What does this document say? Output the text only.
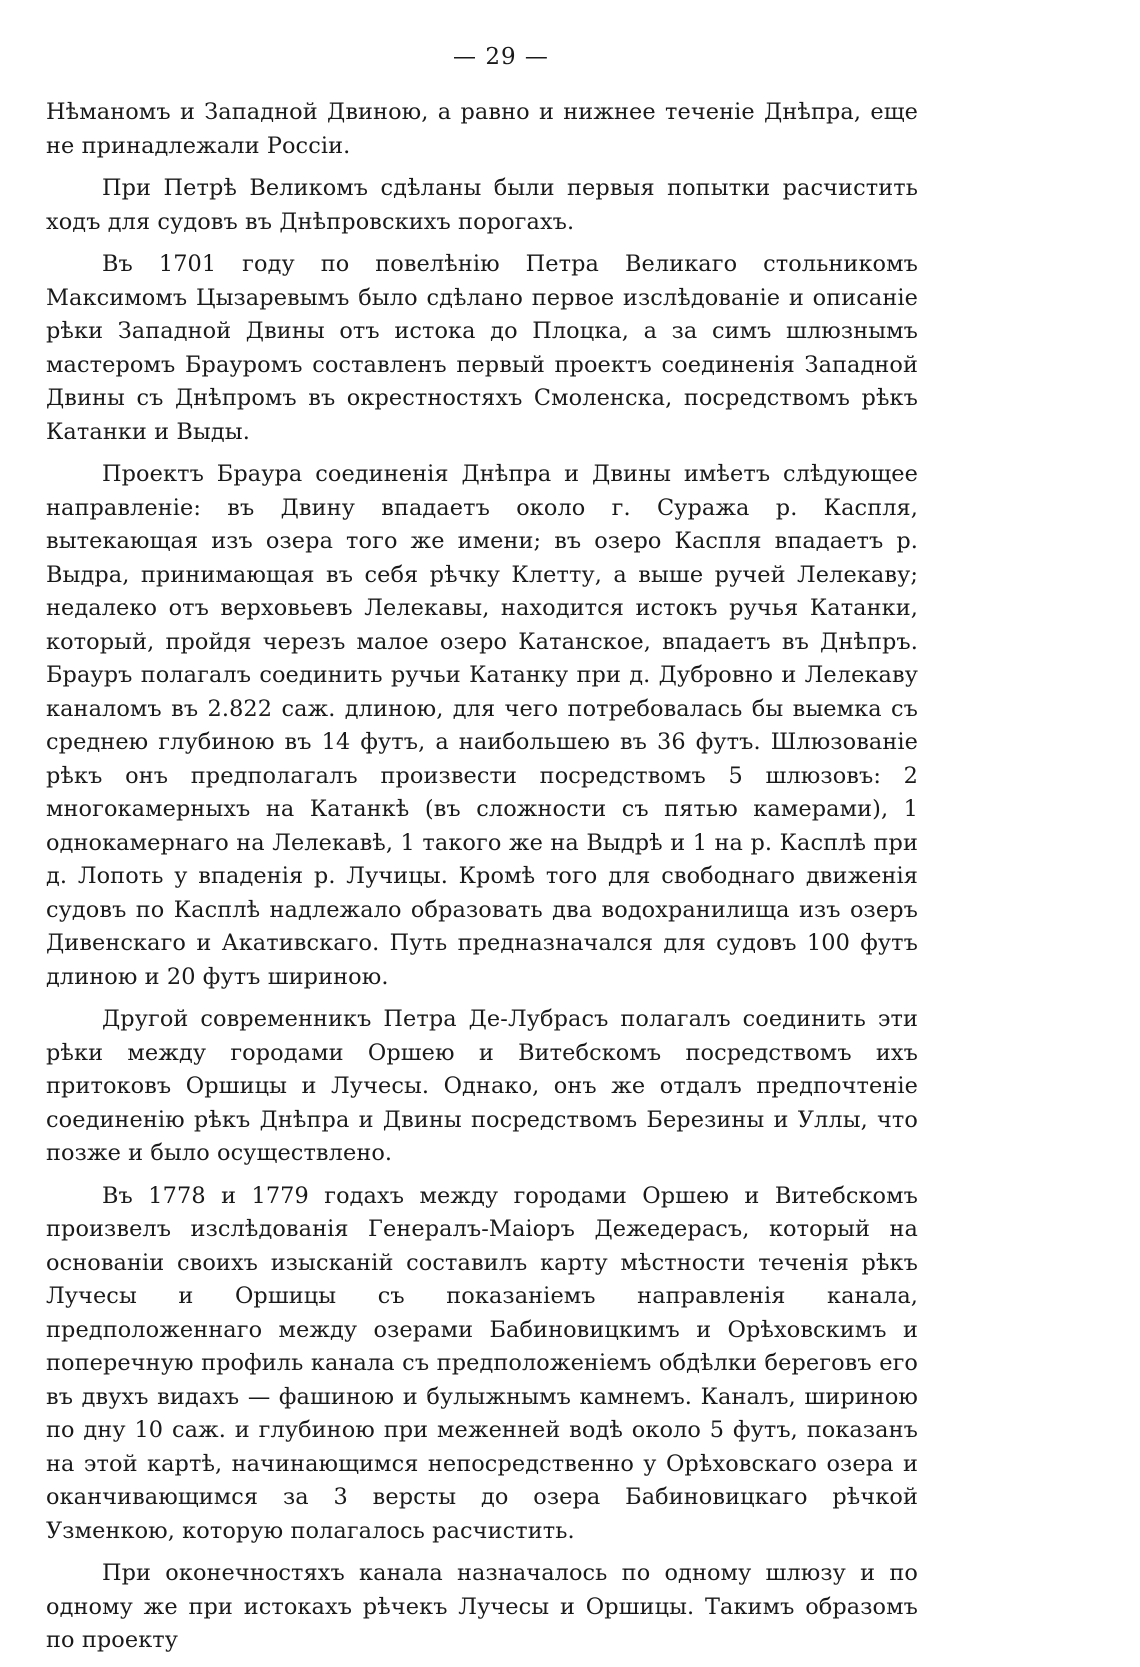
— 29 —

Нѣманомъ и Западной Двиною, а равно и нижнее теченіе Днѣпра, еще не принадлежали Россіи.

При Петрѣ Великомъ сдѣланы были первыя попытки расчистить ходъ для судовъ въ Днѣпровскихъ порогахъ.

Въ 1701 году по повелѣнію Петра Великаго стольникомъ Максимомъ Цызаревымъ было сдѣлано первое изслѣдованіе и описаніе рѣки Западной Двины отъ истока до Плоцка, а за симъ шлюзнымъ мастеромъ Брауромъ составленъ первый проектъ соединенія Западной Двины съ Днѣпромъ въ окрестностяхъ Смоленска, посредствомъ рѣкъ Катанки и Выды.

Проектъ Браура соединенія Днѣпра и Двины имѣетъ слѣдующее направленіе: въ Двину впадаетъ около г. Суража р. Каспля, вытекающая изъ озера того же имени; въ озеро Каспля впадаетъ р. Выдра, принимающая въ себя рѣчку Клетту, а выше ручей Лелекаву; недалеко отъ верховьевъ Лелекавы, находится истокъ ручья Катанки, который, пройдя черезъ малое озеро Катанское, впадаетъ въ Днѣпръ. Брауръ полагалъ соединить ручьи Катанку при д. Дубровно и Лелекаву каналомъ въ 2.822 саж. длиною, для чего потребовалась бы выемка съ среднею глубиною въ 14 футъ, а наибольшею въ 36 футъ. Шлюзованіе рѣкъ онъ предполагалъ произвести посредствомъ 5 шлюзовъ: 2 многокамерныхъ на Катанкѣ (въ сложности съ пятью камерами), 1 однокамернаго на Лелекавѣ, 1 такого же на Выдрѣ и 1 на р. Касплѣ при д. Лопоть у впаденія р. Лучицы. Кромѣ того для свободнаго движенія судовъ по Касплѣ надлежало образовать два водохранилища изъ озеръ Дивенскаго и Акативскаго. Путь предназначался для судовъ 100 футъ длиною и 20 футъ шириною.

Другой современникъ Петра Де-Лубрасъ полагалъ соединить эти рѣки между городами Оршею и Витебскомъ посредствомъ ихъ притоковъ Оршицы и Лучесы. Однако, онъ же отдалъ предпочтеніе соединенію рѣкъ Днѣпра и Двины посредствомъ Березины и Уллы, что позже и было осуществлено.

Въ 1778 и 1779 годахъ между городами Оршею и Витебскомъ произвелъ изслѣдованія Генералъ-Маіоръ Дежедерасъ, который на основаніи своихъ изысканій составилъ карту мѣстности теченія рѣкъ Лучесы и Оршицы съ показаніемъ направленія канала, предположеннаго между озерами Бабиновицкимъ и Орѣховскимъ и поперечную профиль канала съ предположеніемъ обдѣлки береговъ его въ двухъ видахъ — фашиною и булыжнымъ камнемъ. Каналъ, шириною по дну 10 саж. и глубиною при меженней водѣ около 5 футъ, показанъ на этой картѣ, начинающимся непосредственно у Орѣховскаго озера и оканчивающимся за 3 версты до озера Бабиновицкаго рѣчкой Узменкою, которую полагалось расчистить.

При оконечностяхъ канала назначалось по одному шлюзу и по одному же при истокахъ рѣчекъ Лучесы и Оршицы. Такимъ образомъ по проекту
